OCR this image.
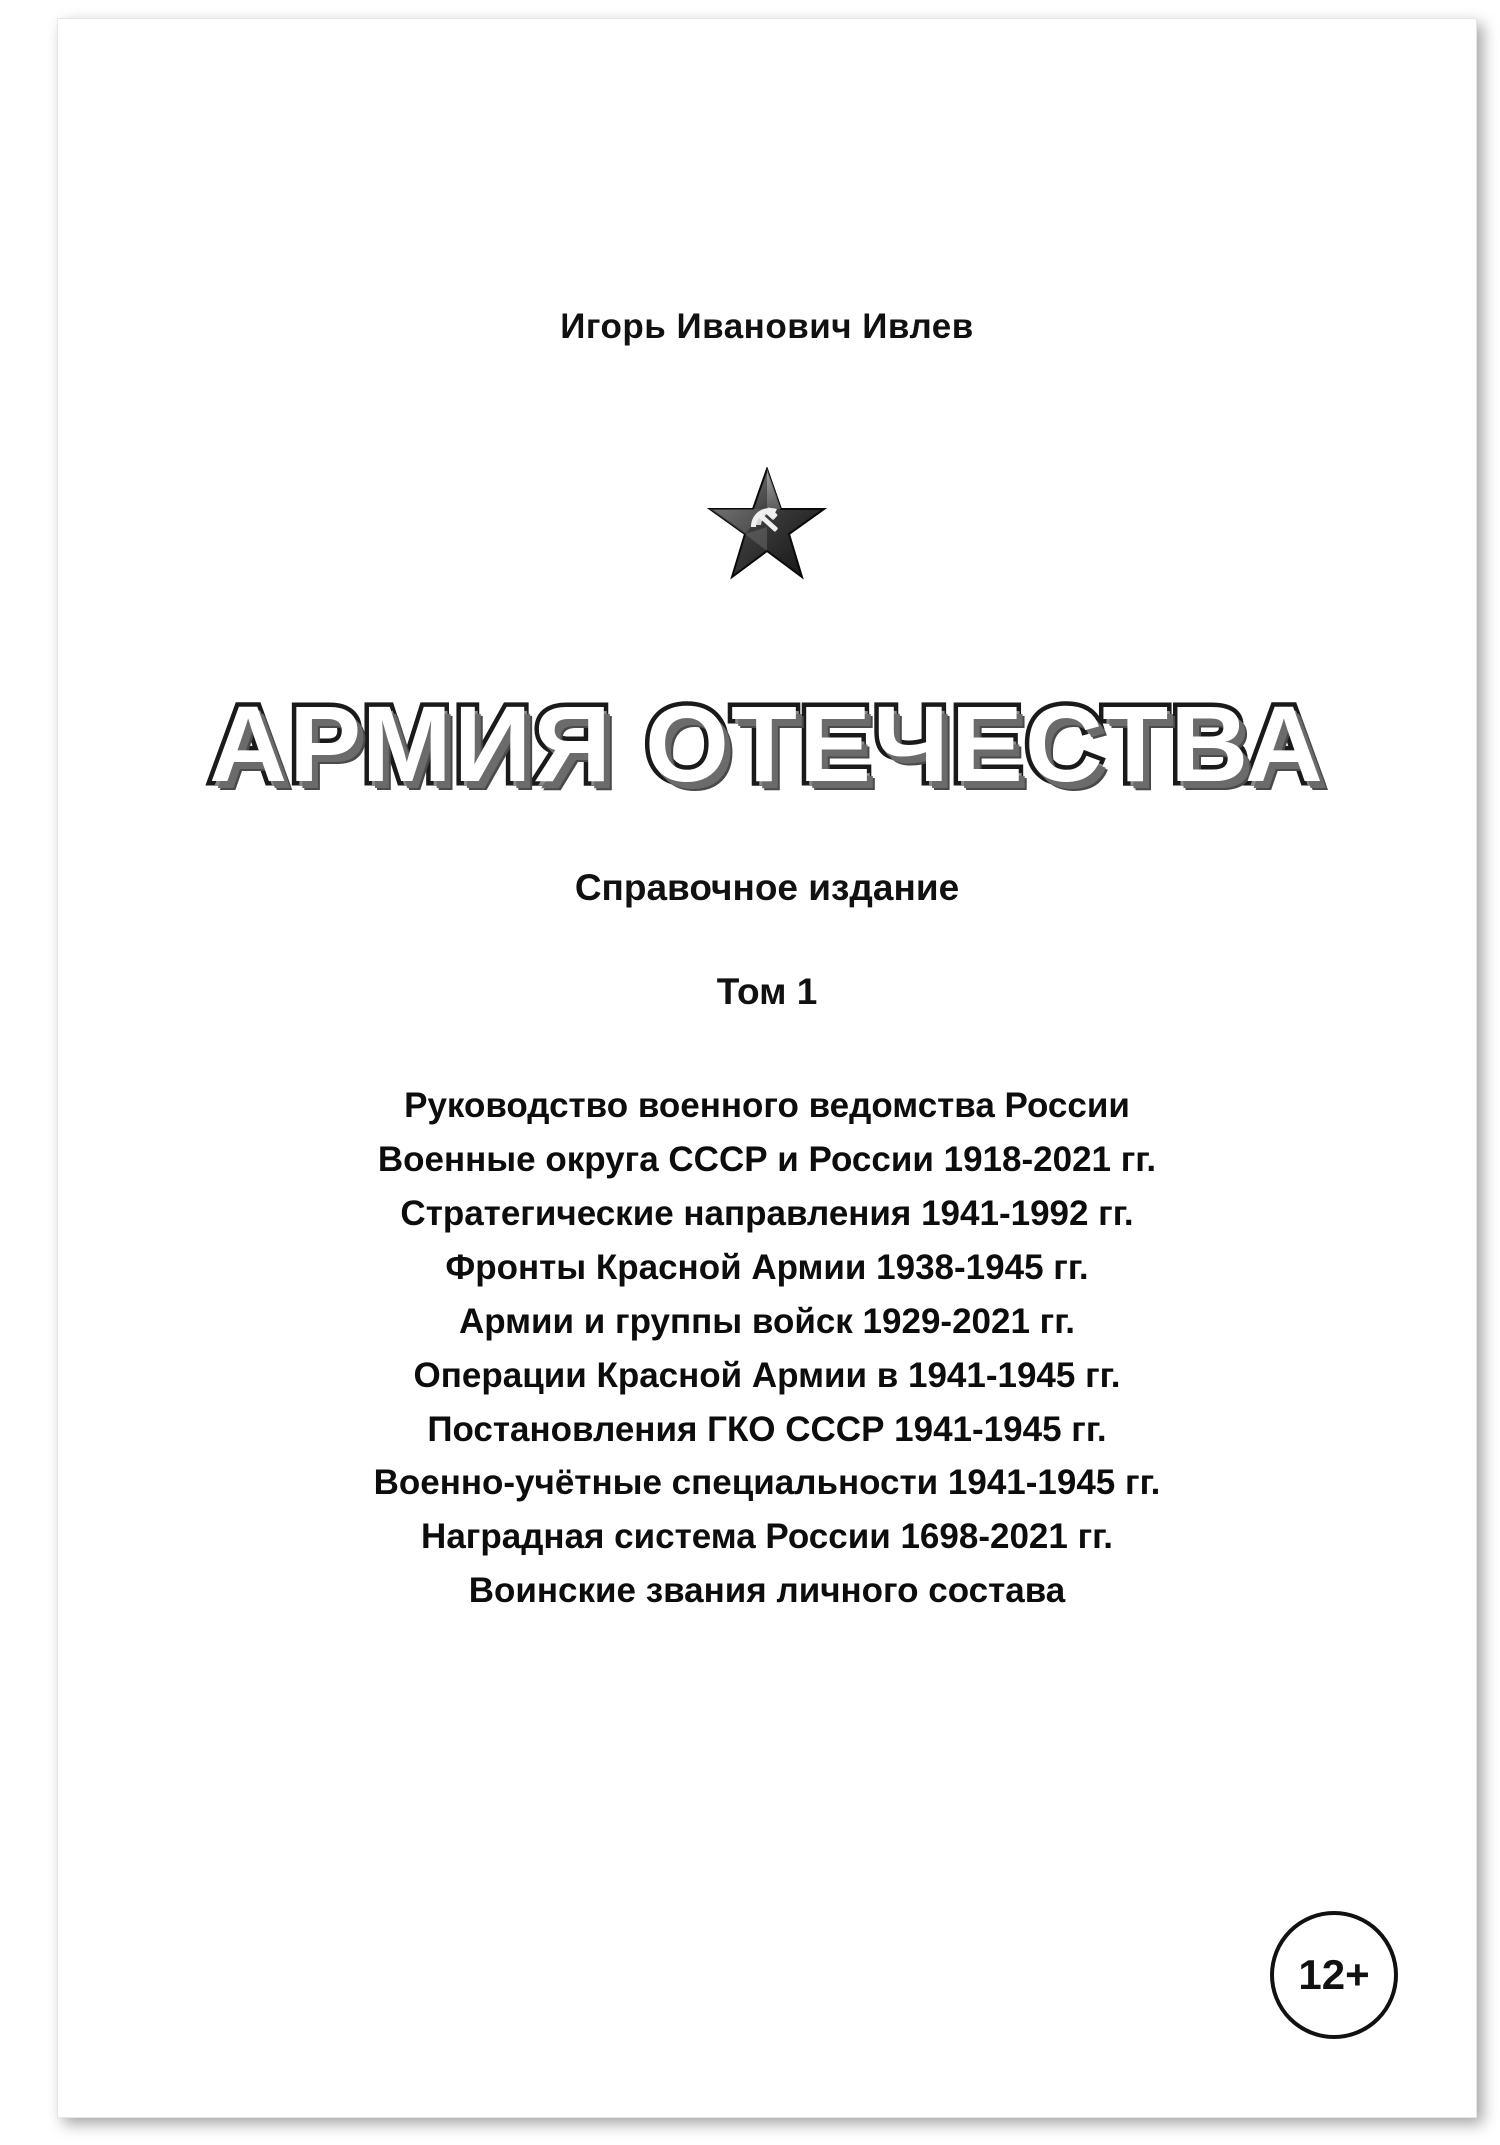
Игорь Иванович Ивлев
АРМИЯ ОТЕЧЕСТВА
Справочное издание
Том 1
Руководство военного ведомства России
Военные округа СССР и России 1918-2021 гг.
Стратегические направления 1941-1992 гг.
Фронты Красной Армии 1938-1945 гг.
Армии и группы войск 1929-2021 гг.
Операции Красной Армии в 1941-1945 гг.
Постановления ГКО СССР 1941-1945 гг.
Военно-учётные специальности 1941-1945 гг.
Наградная система России 1698-2021 гг.
Воинские звания личного состава
12+
